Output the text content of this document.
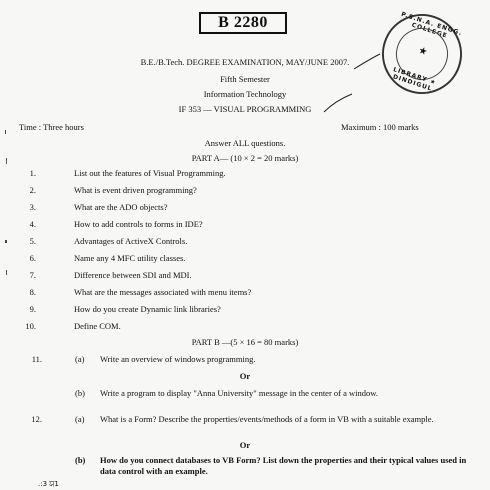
B 2280	P.S.N.A. ENGG. COLLEGE
★
LIBRARY ★ DINDIGUL
B.E./B.Tech. DEGREE EXAMINATION, MAY/JUNE 2007.
Fifth Semester
Information Technology
IF 353 — VISUAL PROGRAMMING
Time : Three hours	Maximum : 100 marks
Answer ALL questions.
PART A— (10 × 2 = 20 marks)
1.	List out the features of Visual Programming.
2.	What is event driven programming?
3.	What are the ADO objects?
4.	How to add controls to forms in IDE?
5.	Advantages of ActiveX Controls.
6.	Name any 4 MFC utility classes.
7.	Difference between SDI and MDI.
8.	What are the messages associated with menu items?
9.	How do you create Dynamic link libraries?
10.	Define COM.
PART B —(5 × 16 = 80 marks)
11.	(a) Write an overview of windows programming.
Or
(b) Write a program to display "Anna University" message in the center of a window.
12.	(a) What is a Form? Describe the properties/events/methods of a form in VB with a suitable example.
Or
(b) How do you connect databases to VB Form? List down the properties and their typical values used in data control with an example.
.:3 ਯ1
